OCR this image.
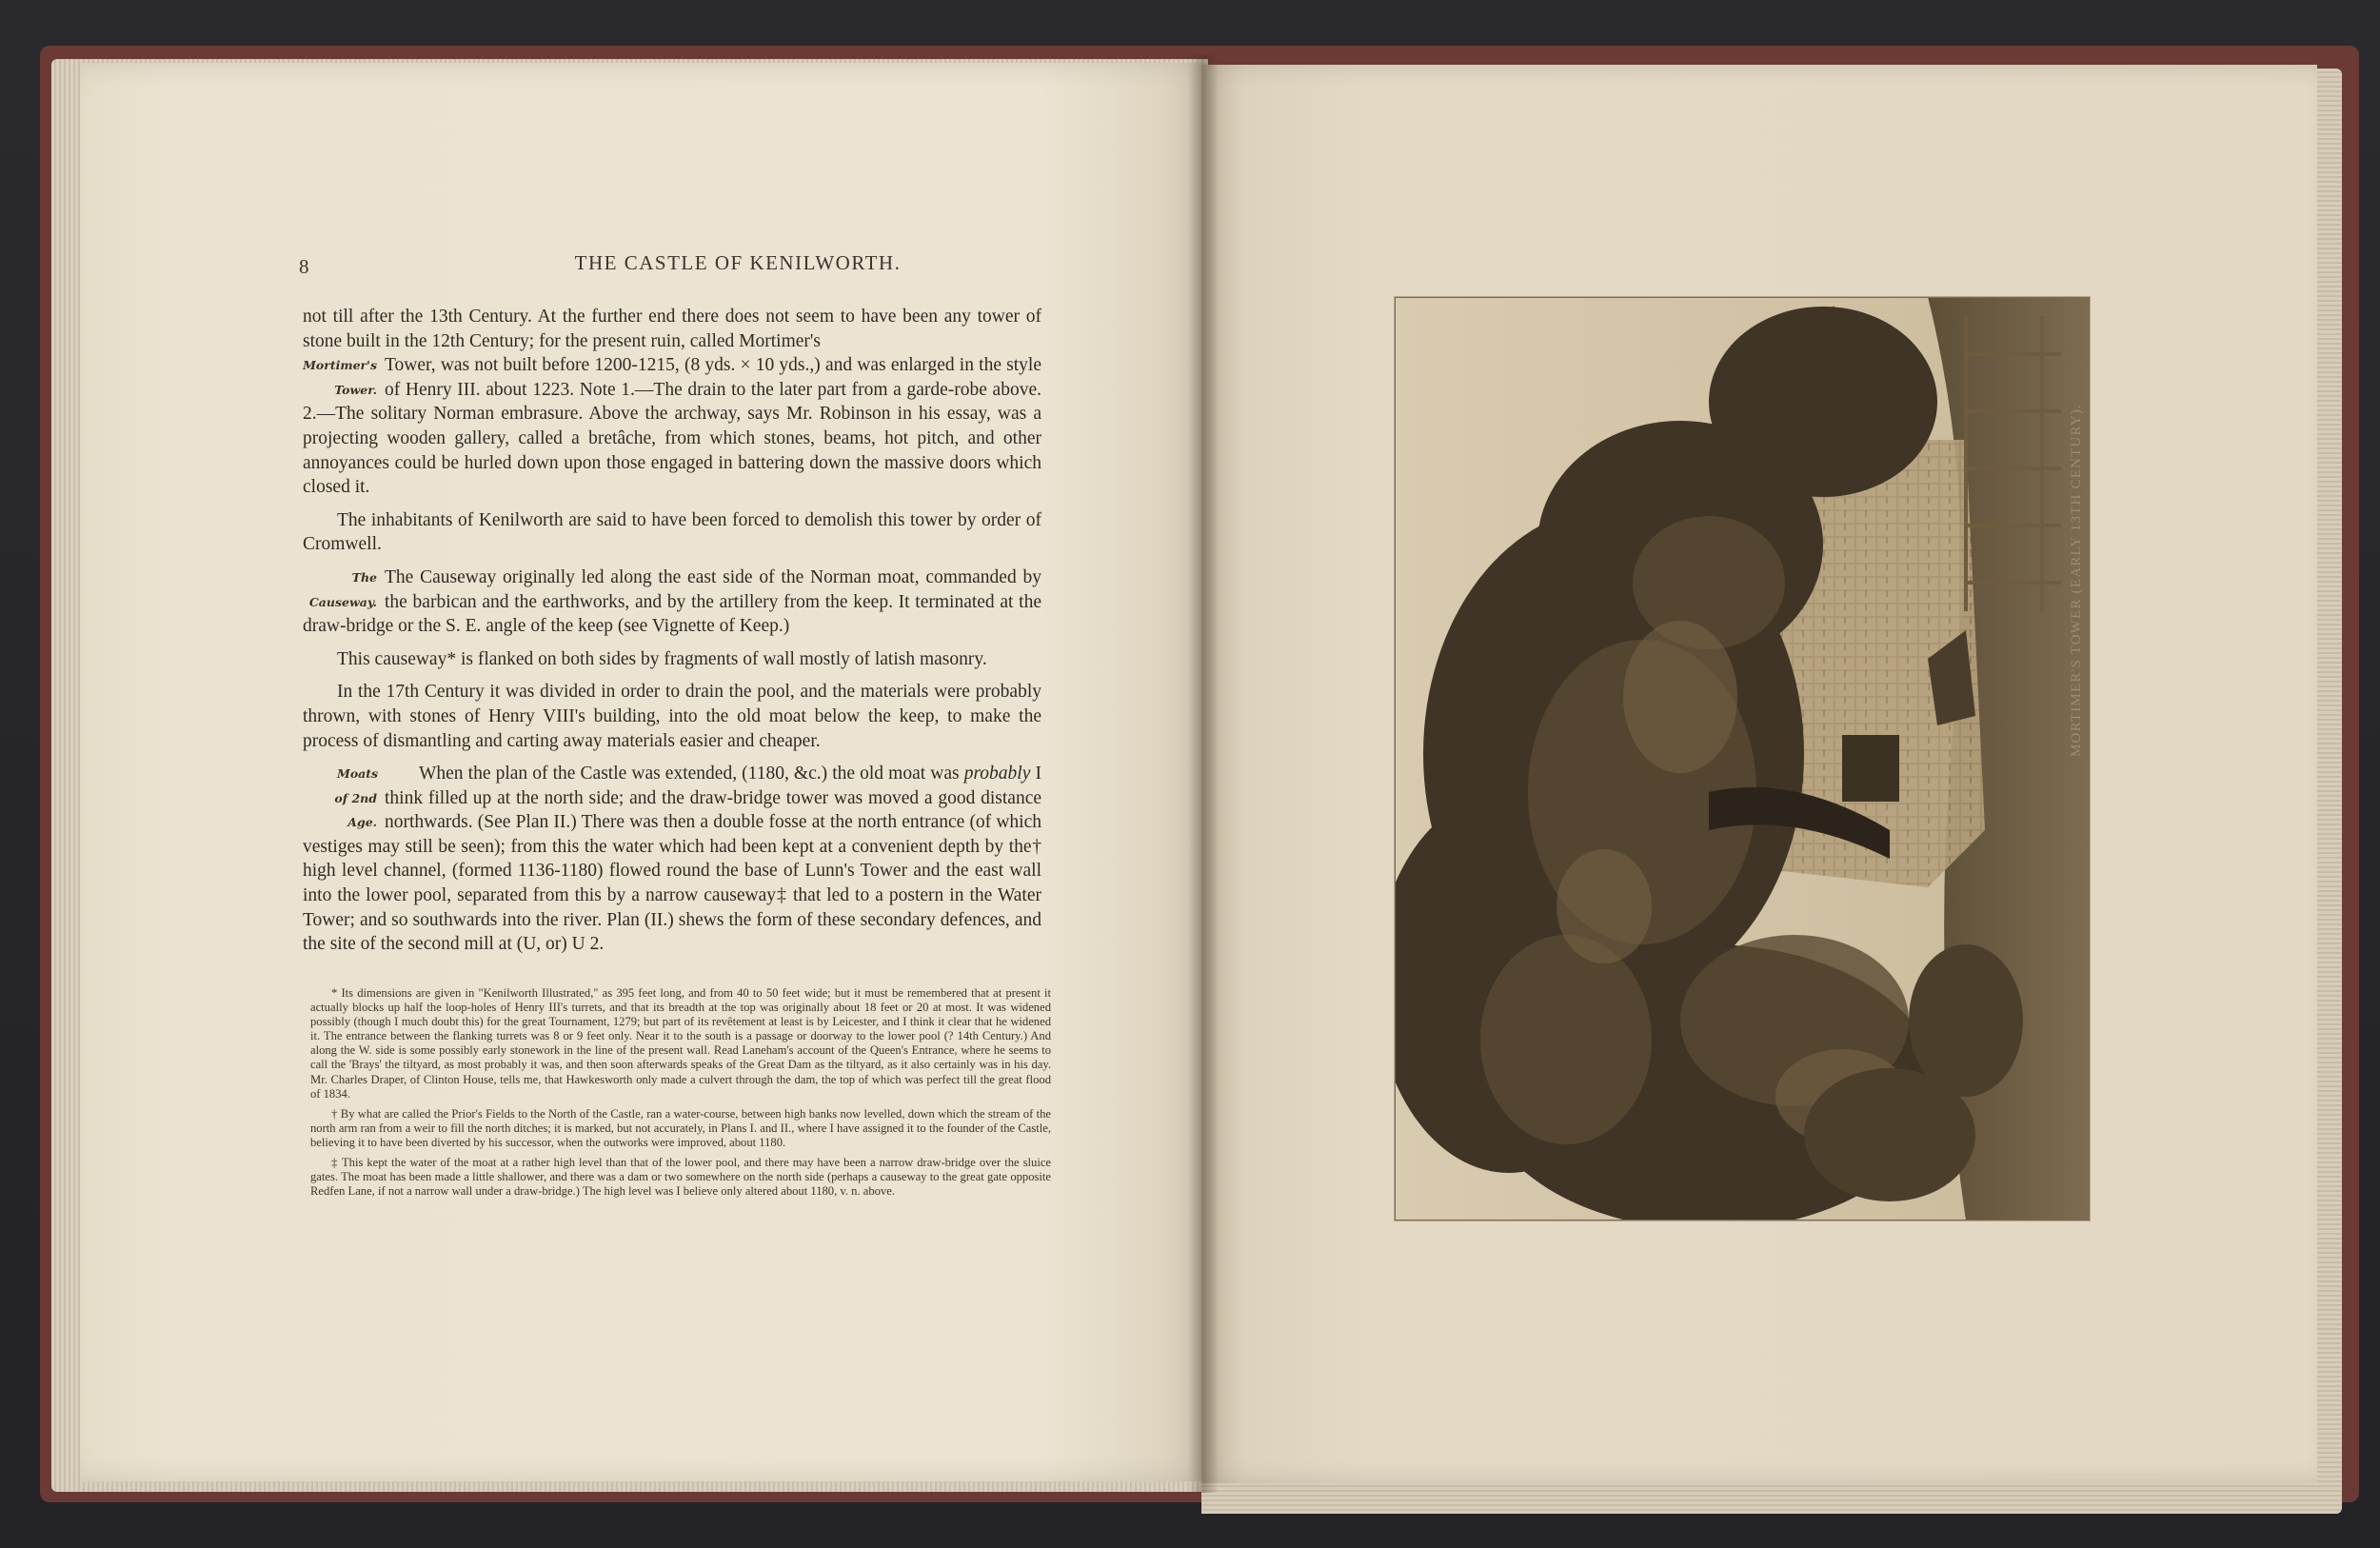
8	THE CASTLE OF KENILWORTH.

not till after the 13th Century. At the further end there does not seem to have been any tower of stone built in the 12th Century; for the present ruin, called Mortimer's

Mortimer's Tower.
Tower, was not built before 1200-1215, (8 yds. × 10 yds.,) and was enlarged in the style of Henry III. about 1223. Note 1.—The drain to the later part from a garde-robe above. 2.—The solitary Norman embrasure. Above the archway, says Mr. Robinson in his essay, was a projecting wooden gallery, called a bretâche, from which stones, beams, hot pitch, and other annoyances could be hurled down upon those engaged in battering down the massive doors which closed it.

The inhabitants of Kenilworth are said to have been forced to demolish this tower by order of Cromwell.

The Causeway.
The Causeway originally led along the east side of the Norman moat, commanded by the barbican and the earthworks, and by the artillery from the keep. It terminated at the draw-bridge or the S. E. angle of the keep (see Vignette of Keep.)

This causeway* is flanked on both sides by fragments of wall mostly of latish masonry.

In the 17th Century it was divided in order to drain the pool, and the materials were probably thrown, with stones of Henry VIII's building, into the old moat below the keep, to make the process of dismantling and carting away materials easier and cheaper.

When the plan of the Castle was extended, (1180, &c.) the old moat was probably
Moats of 2nd Age.
I think filled up at the north side; and the draw-bridge tower was moved a good distance northwards. (See Plan II.) There was then a double fosse at the north entrance (of which vestiges may still be seen); from this the water which had been kept at a convenient depth by the† high level channel, (formed 1136-1180) flowed round the base of Lunn's Tower and the east wall into the lower pool, separated from this by a narrow causeway‡ that led to a postern in the Water Tower; and so southwards into the river. Plan (II.) shews the form of these secondary defences, and the site of the second mill at (U, or) U 2.

* Its dimensions are given in "Kenilworth Illustrated," as 395 feet long, and from 40 to 50 feet wide; but it must be remembered that at present it actually blocks up half the loop-holes of Henry III's turrets, and that its breadth at the top was originally about 18 feet or 20 at most. It was widened possibly (though I much doubt this) for the great Tournament, 1279; but part of its revêtement at least is by Leicester, and I think it clear that he widened it. The entrance between the flanking turrets was 8 or 9 feet only. Near it to the south is a passage or doorway to the lower pool (? 14th Century.) And along the W. side is some possibly early stonework in the line of the present wall. Read Laneham's account of the Queen's Entrance, where he seems to call the 'Brays' the tiltyard, as most probably it was, and then soon afterwards speaks of the Great Dam as the tiltyard, as it also certainly was in his day. Mr. Charles Draper, of Clinton House, tells me, that Hawkesworth only made a culvert through the dam, the top of which was perfect till the great flood of 1834.

† By what are called the Prior's Fields to the North of the Castle, ran a water-course, between high banks now levelled, down which the stream of the north arm ran from a weir to fill the north ditches; it is marked, but not accurately, in Plans I. and II., where I have assigned it to the founder of the Castle, believing it to have been diverted by his successor, when the outworks were improved, about 1180.

‡ This kept the water of the moat at a rather high level than that of the lower pool, and there may have been a narrow draw-bridge over the sluice gates. The moat has been made a little shallower, and there was a dam or two somewhere on the north side (perhaps a causeway to the great gate opposite Redfen Lane, if not a narrow wall under a draw-bridge.) The high level was I believe only altered about 1180, v. n. above.

MORTIMER'S TOWER (EARLY 13TH CENTURY).
